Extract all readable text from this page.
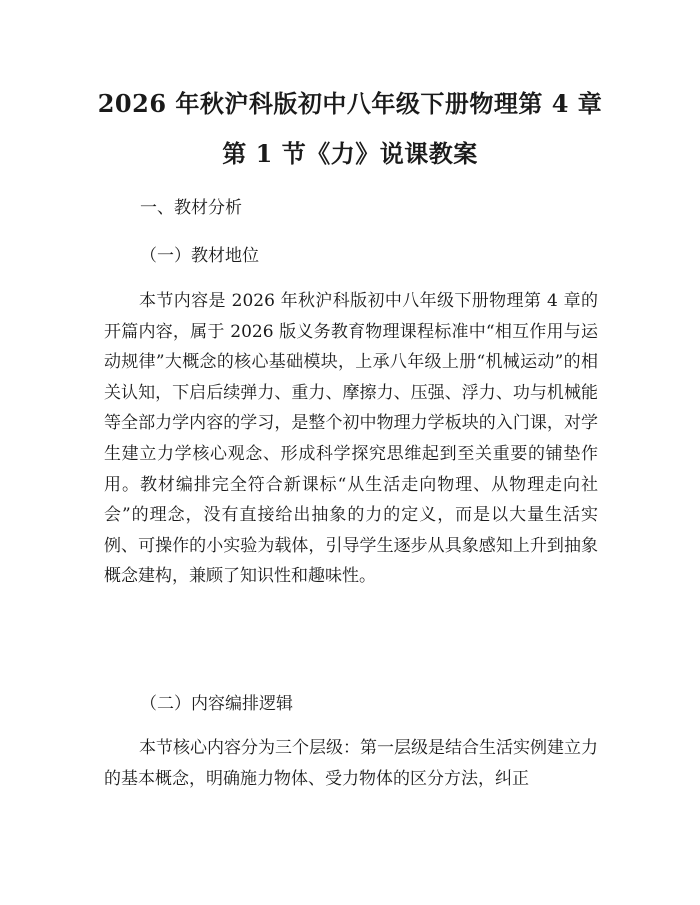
2026 年秋沪科版初中八年级下册物理第 4 章
第 1 节《力》说课教案
一、教材分析
（一）教材地位
本节内容是 2026 年秋沪科版初中八年级下册物理第 4 章的开篇内容，属于 2026 版义务教育物理课程标准中“相互作用与运动规律”大概念的核心基础模块，上承八年级上册“机械运动”的相关认知，下启后续弹力、重力、摩擦力、压强、浮力、功与机械能等全部力学内容的学习，是整个初中物理力学板块的入门课，对学生建立力学核心观念、形成科学探究思维起到至关重要的铺垫作用。教材编排完全符合新课标“从生活走向物理、从物理走向社会”的理念，没有直接给出抽象的力的定义，而是以大量生活实例、可操作的小实验为载体，引导学生逐步从具象感知上升到抽象概念建构，兼顾了知识性和趣味性。
（二）内容编排逻辑
本节核心内容分为三个层级：第一层级是结合生活实例建立力的基本概念，明确施力物体、受力物体的区分方法，纠正
